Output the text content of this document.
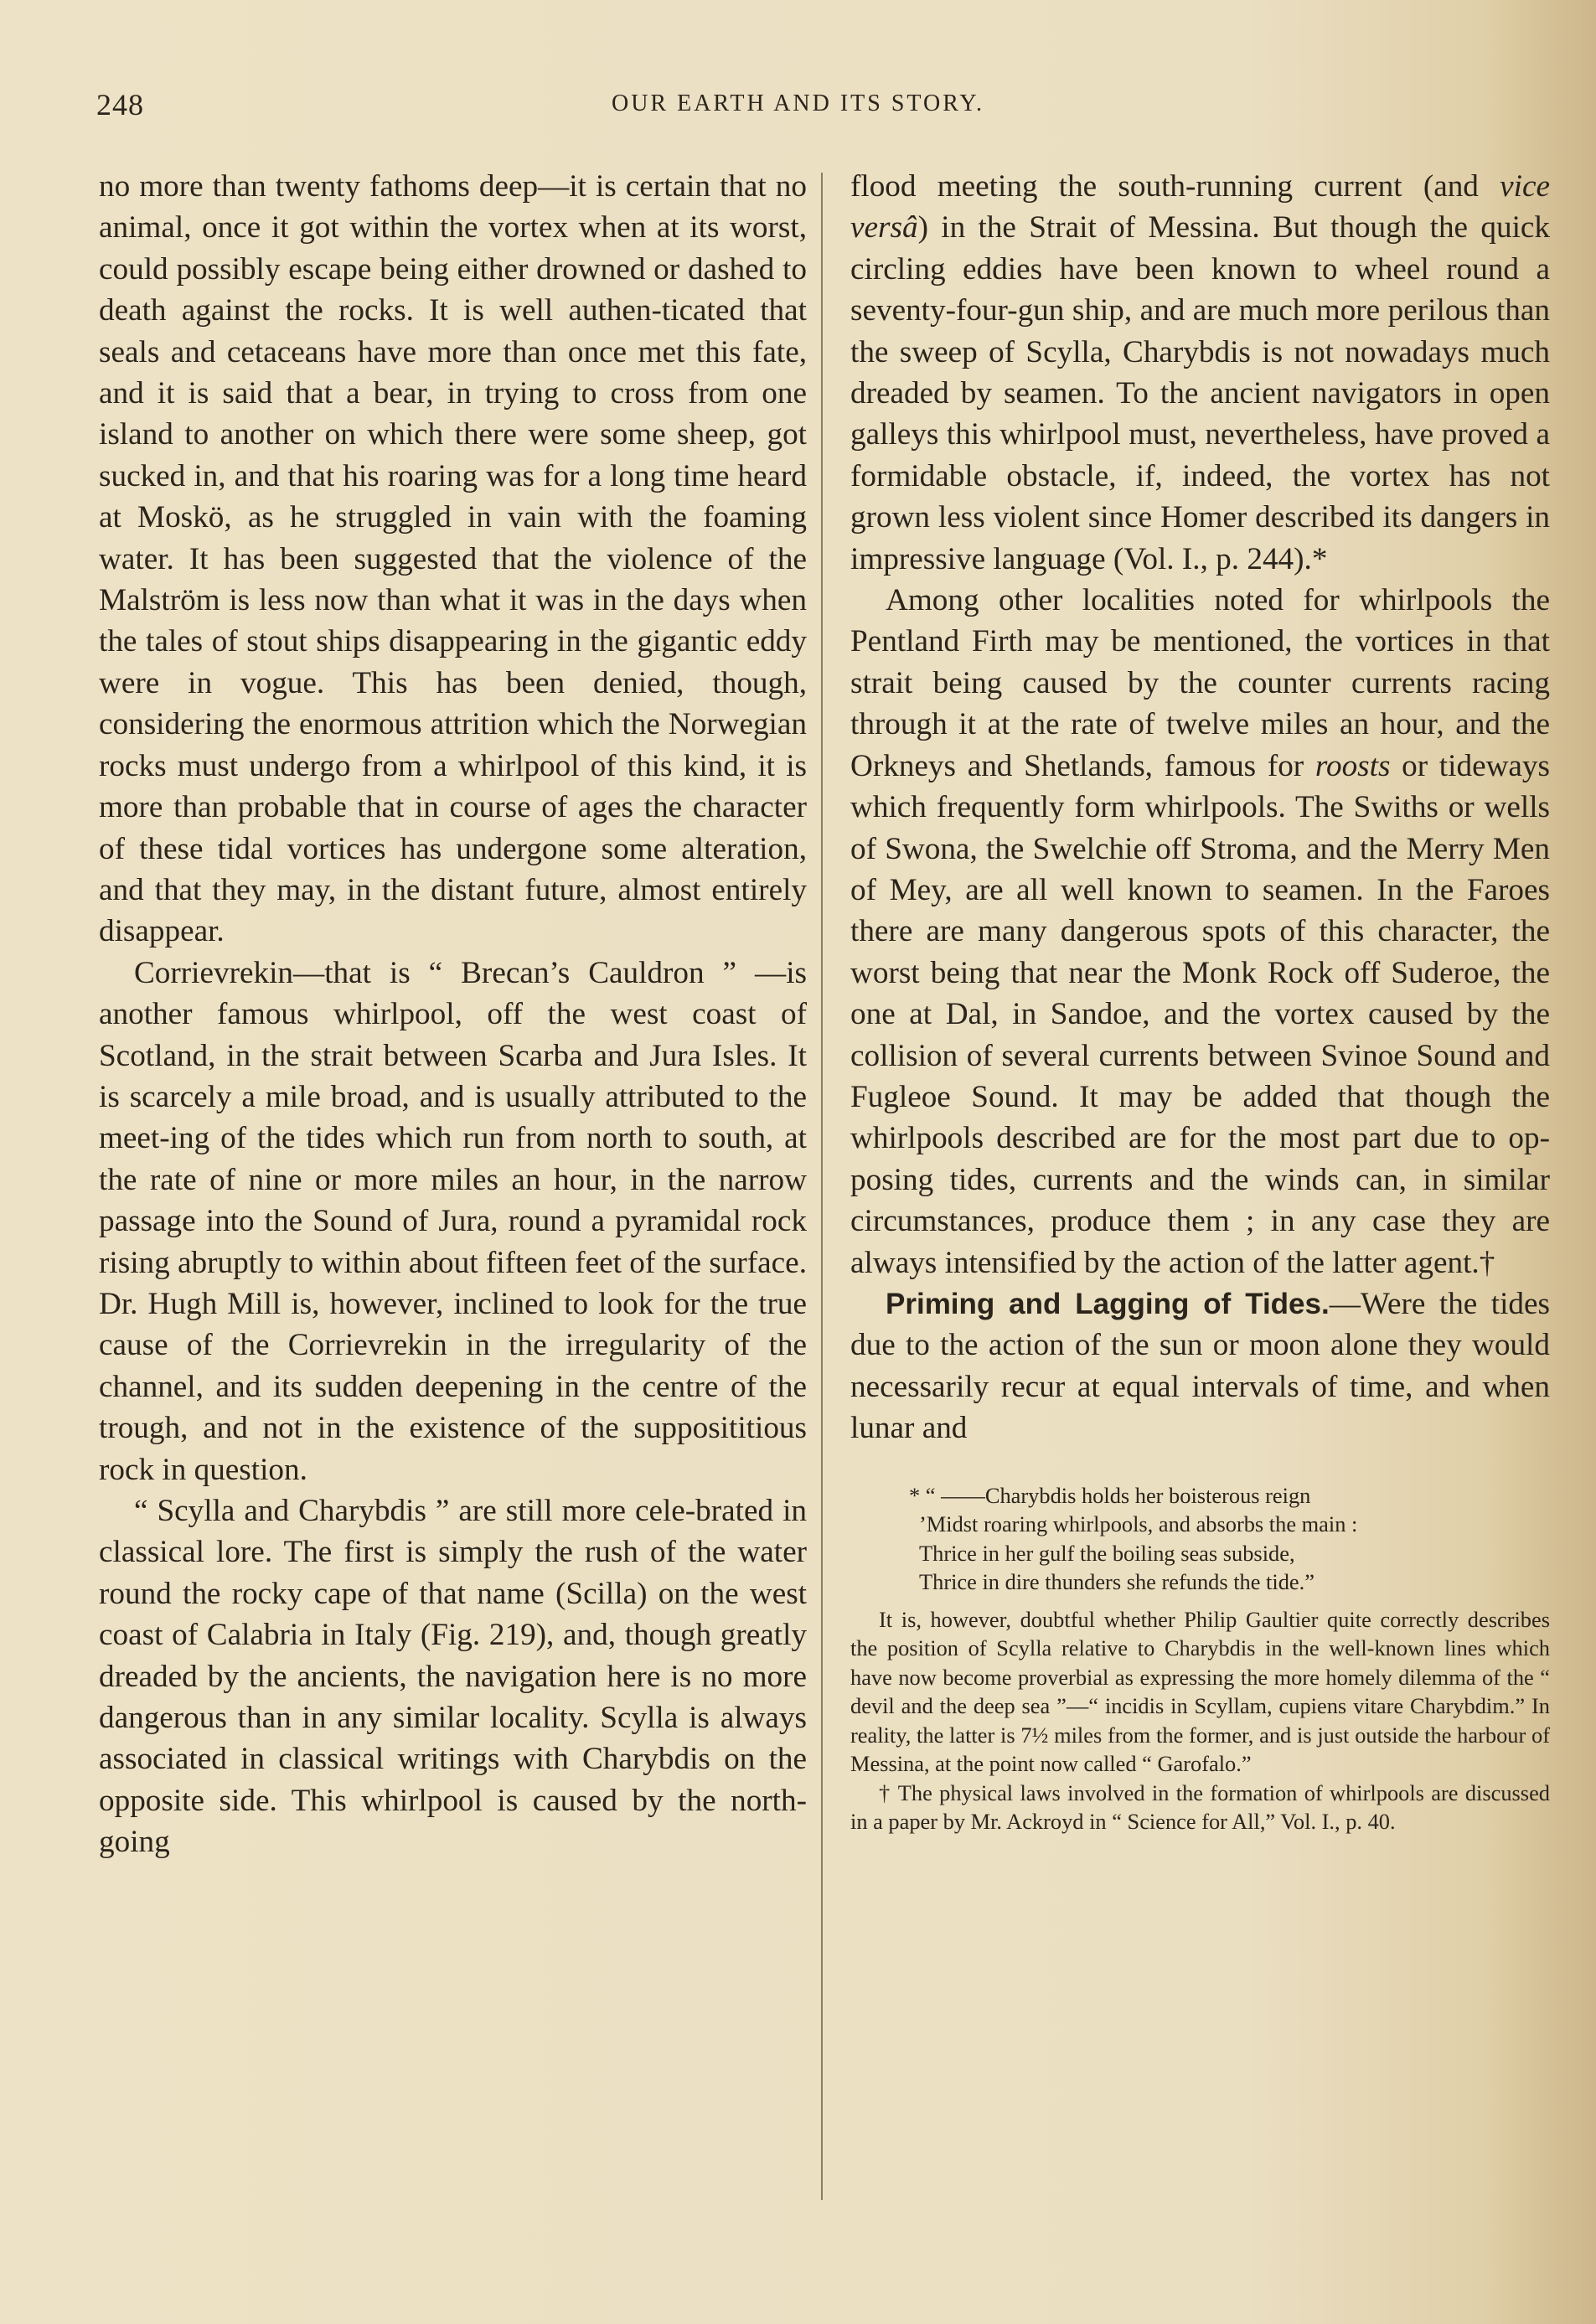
248	OUR EARTH AND ITS STORY.

no more than twenty fathoms deep—it is certain that no animal, once it got within the vortex when at its worst, could possibly escape being either drowned or dashed to death against the rocks. It is well authen-ticated that seals and cetaceans have more than once met this fate, and it is said that a bear, in trying to cross from one island to another on which there were some sheep, got sucked in, and that his roaring was for a long time heard at Moskö, as he struggled in vain with the foaming water. It has been suggested that the violence of the Malström is less now than what it was in the days when the tales of stout ships disappearing in the gigantic eddy were in vogue. This has been denied, though, considering the enormous attrition which the Norwegian rocks must undergo from a whirlpool of this kind, it is more than probable that in course of ages the character of these tidal vortices has undergone some alteration, and that they may, in the distant future, almost entirely disappear.

Corrievrekin—that is “ Brecan’s Cauldron ” —is another famous whirlpool, off the west coast of Scotland, in the strait between Scarba and Jura Isles. It is scarcely a mile broad, and is usually attributed to the meet-ing of the tides which run from north to south, at the rate of nine or more miles an hour, in the narrow passage into the Sound of Jura, round a pyramidal rock rising abruptly to within about fifteen feet of the surface. Dr. Hugh Mill is, however, inclined to look for the true cause of the Corrievrekin in the irregularity of the channel, and its sudden deepening in the centre of the trough, and not in the existence of the supposititious rock in question.

“ Scylla and Charybdis ” are still more cele-brated in classical lore. The first is simply the rush of the water round the rocky cape of that name (Scilla) on the west coast of Calabria in Italy (Fig. 219), and, though greatly dreaded by the ancients, the navigation here is no more dangerous than in any similar locality. Scylla is always associated in classical writings with Charybdis on the opposite side. This whirlpool is caused by the north-going

flood meeting the south-running current (and vice versâ) in the Strait of Messina. But though the quick circling eddies have been known to wheel round a seventy-four-gun ship, and are much more perilous than the sweep of Scylla, Charybdis is not nowadays much dreaded by seamen. To the ancient navigators in open galleys this whirlpool must, nevertheless, have proved a formidable obstacle, if, indeed, the vortex has not grown less violent since Homer described its dangers in impressive language (Vol. I., p. 244).*

Among other localities noted for whirlpools the Pentland Firth may be mentioned, the vortices in that strait being caused by the counter currents racing through it at the rate of twelve miles an hour, and the Orkneys and Shetlands, famous for roosts or tideways which frequently form whirlpools. The Swiths or wells of Swona, the Swelchie off Stroma, and the Merry Men of Mey, are all well known to seamen. In the Faroes there are many dangerous spots of this character, the worst being that near the Monk Rock off Suderoe, the one at Dal, in Sandoe, and the vortex caused by the collision of several currents between Svinoe Sound and Fugleoe Sound. It may be added that though the whirlpools described are for the most part due to op-posing tides, currents and the winds can, in similar circumstances, produce them ; in any case they are always intensified by the action of the latter agent.†

Priming and Lagging of Tides.—Were the tides due to the action of the sun or moon alone they would necessarily recur at equal intervals of time, and when lunar and

* “ ——Charybdis holds her boisterous reign
’Midst roaring whirlpools, and absorbs the main :
Thrice in her gulf the boiling seas subside,
Thrice in dire thunders she refunds the tide.”

It is, however, doubtful whether Philip Gaultier quite correctly describes the position of Scylla relative to Charybdis in the well-known lines which have now become proverbial as expressing the more homely dilemma of the “ devil and the deep sea ”—“ incidis in Scyllam, cupiens vitare Charybdim.” In reality, the latter is 7½ miles from the former, and is just outside the harbour of Messina, at the point now called “ Garofalo.”

† The physical laws involved in the formation of whirlpools are discussed in a paper by Mr. Ackroyd in “ Science for All,” Vol. I., p. 40.
